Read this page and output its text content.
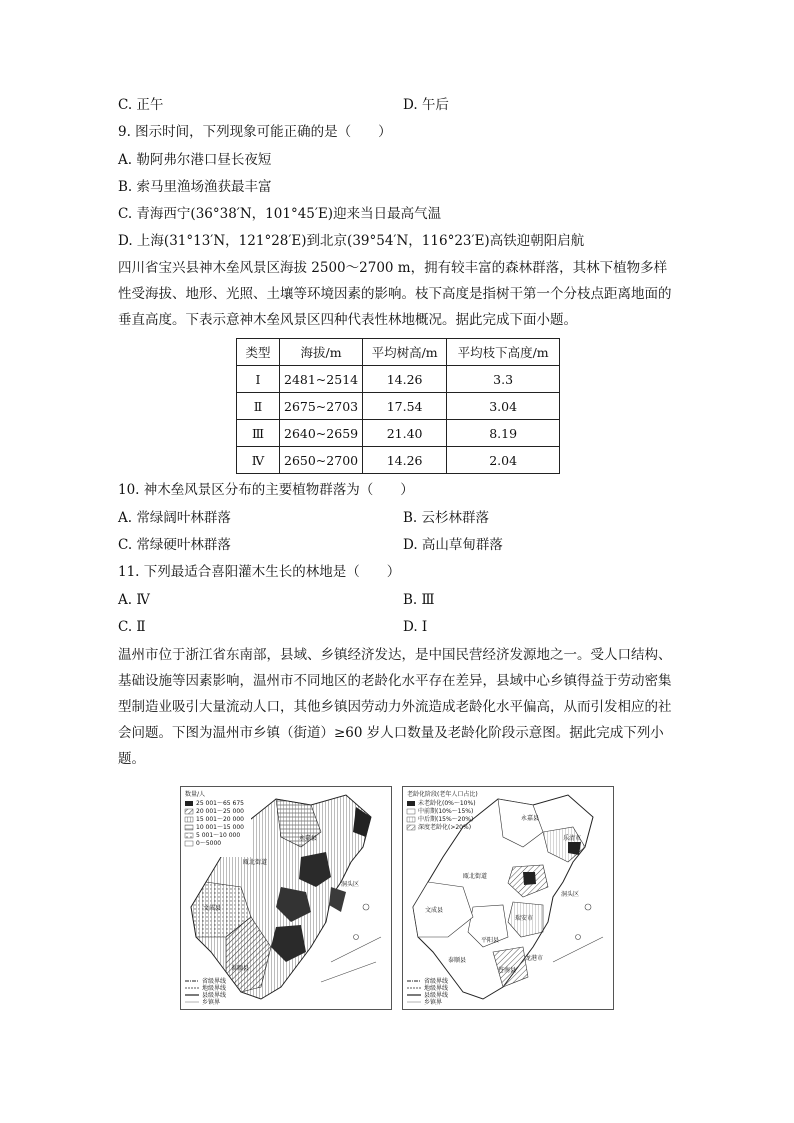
C. 正午	D. 午后
9. 图示时间，下列现象可能正确的是（　　）
A. 勒阿弗尔港口昼长夜短
B. 索马里渔场渔获最丰富
C. 青海西宁(36°38′N，101°45′E)迎来当日最高气温
D. 上海(31°13′N，121°28′E)到北京(39°54′N，116°23′E)高铁迎朝阳启航
四川省宝兴县神木垒风景区海拔 2500～2700 m，拥有较丰富的森林群落，其林下植物多样性受海拔、地形、光照、土壤等环境因素的影响。枝下高度是指树干第一个分枝点距离地面的垂直高度。下表示意神木垒风景区四种代表性林地概况。据此完成下面小题。
类型	海拔/m	平均树高/m	平均枝下高度/m
Ⅰ	2481~2514	14.26	3.3
Ⅱ	2675~2703	17.54	3.04
Ⅲ	2640~2659	21.40	8.19
Ⅳ	2650~2700	14.26	2.04
10. 神木垒风景区分布的主要植物群落为（　　）
A. 常绿阔叶林群落	B. 云杉林群落
C. 常绿硬叶林群落	D. 高山草甸群落
11. 下列最适合喜阳灌木生长的林地是（　　）
A. Ⅳ	B. Ⅲ
C. Ⅱ	D. Ⅰ
温州市位于浙江省东南部，县域、乡镇经济发达，是中国民营经济发源地之一。受人口结构、基础设施等因素影响，温州市不同地区的老龄化水平存在差异，县域中心乡镇得益于劳动密集型制造业吸引大量流动人口，其他乡镇因劳动力外流造成老龄化水平偏高，从而引发相应的社会问题。下图为温州市乡镇（街道）≥60 岁人口数量及老龄化阶段示意图。据此完成下列小题。
数量/人
25 001～65 675
20 001～25 000
15 001～20 000
10 001～15 000
5 001～10 000
0～5000
永嘉县
瓯北街道
洞头区
文成县
泰顺县
省级界线
地级界线
县级界线
乡镇界
老龄化阶段(老年人口占比)
未老龄化(0%～10%)
中前期(10%～15%)
中后期(15%～20%)
深度老龄化(>20%)
永嘉县
乐清市
瓯北街道
洞头区
文成县
瑞安市
平阳县
苍南县
泰顺县	龙港市
省级界线
地级界线
县级界线
乡镇界
